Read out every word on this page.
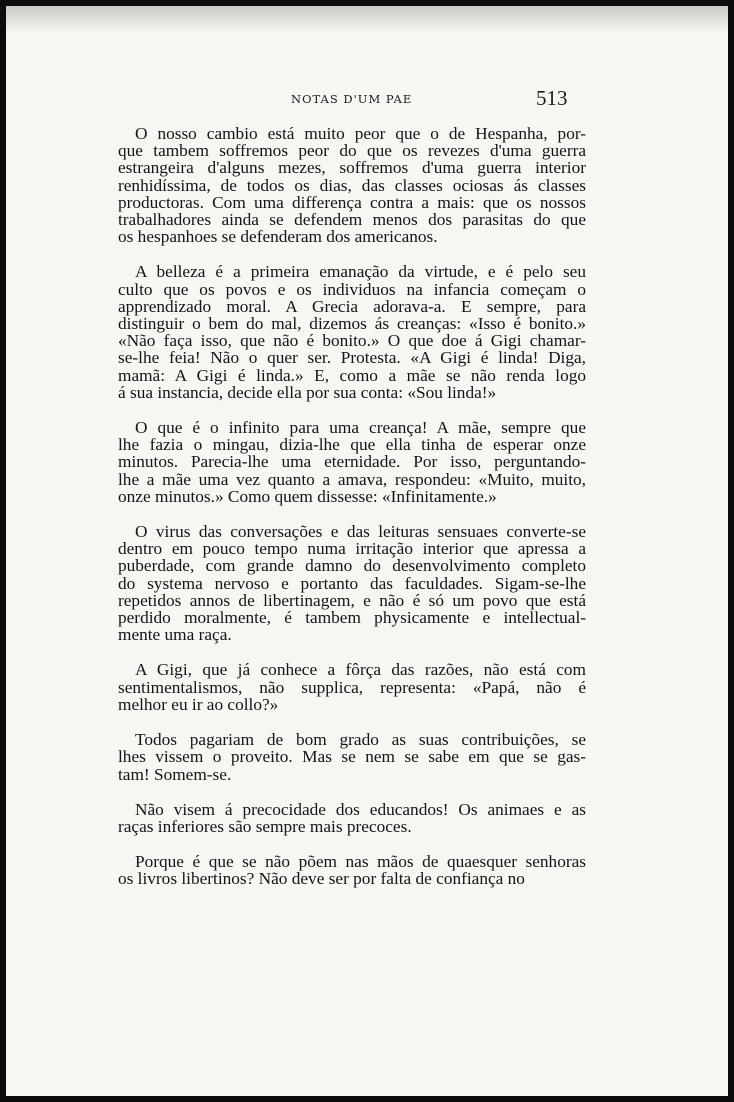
NOTAS D'UM PAE	513

O nosso cambio está muito peor que o de Hespanha, por-
que tambem soffremos peor do que os revezes d'uma guerra
estrangeira d'alguns mezes, soffremos d'uma guerra interior
renhidíssima, de todos os dias, das classes ociosas ás classes
productoras. Com uma differença contra a mais: que os nossos
trabalhadores ainda se defendem menos dos parasitas do que
os hespanhoes se defenderam dos americanos.

A belleza é a primeira emanação da virtude, e é pelo seu
culto que os povos e os individuos na infancia começam o
apprendizado moral. A Grecia adorava-a. E sempre, para
distinguir o bem do mal, dizemos ás creanças: «Isso é bonito.»
«Não faça isso, que não é bonito.» O que doe á Gigi chamar-
se-lhe feia! Não o quer ser. Protesta. «A Gigi é linda! Diga,
mamã: A Gigi é linda.» E, como a mãe se não renda logo
á sua instancia, decide ella por sua conta: «Sou linda!»

O que é o infinito para uma creança! A mãe, sempre que
lhe fazia o mingau, dizia-lhe que ella tinha de esperar onze
minutos. Parecia-lhe uma eternidade. Por isso, perguntando-
lhe a mãe uma vez quanto a amava, respondeu: «Muito, muito,
onze minutos.» Como quem dissesse: «Infinitamente.»

O virus das conversações e das leituras sensuaes converte-se
dentro em pouco tempo numa irritação interior que apressa a
puberdade, com grande damno do desenvolvimento completo
do systema nervoso e portanto das faculdades. Sigam-se-lhe
repetidos annos de libertinagem, e não é só um povo que está
perdido moralmente, é tambem physicamente e intellectual-
mente uma raça.

A Gigi, que já conhece a fôrça das razões, não está com
sentimentalismos, não supplica, representa: «Papá, não é
melhor eu ir ao collo?»

Todos pagariam de bom grado as suas contribuições, se
lhes vissem o proveito. Mas se nem se sabe em que se gas-
tam! Somem-se.

Não visem á precocidade dos educandos! Os animaes e as
raças inferiores são sempre mais precoces.

Porque é que se não põem nas mãos de quaesquer senhoras
os livros libertinos? Não deve ser por falta de confiança no
